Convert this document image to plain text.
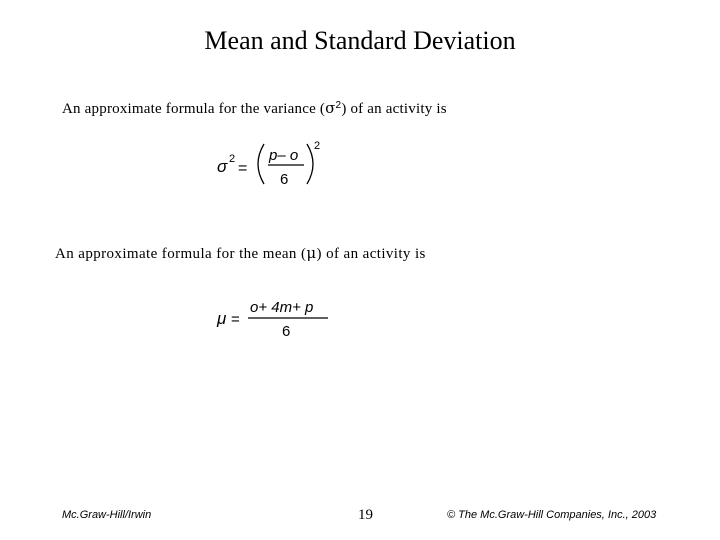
Mean and Standard Deviation
An approximate formula for the variance $(\sigma^2)$ of an activity is
σ 2
=
p– o
6
2
An approximate formula for the mean (μ) of an activity is
μ =
o+ 4m+ p
6
Mc.Graw-Hill/Irwin	19	© The Mc.Graw-Hill Companies, Inc., 2003
